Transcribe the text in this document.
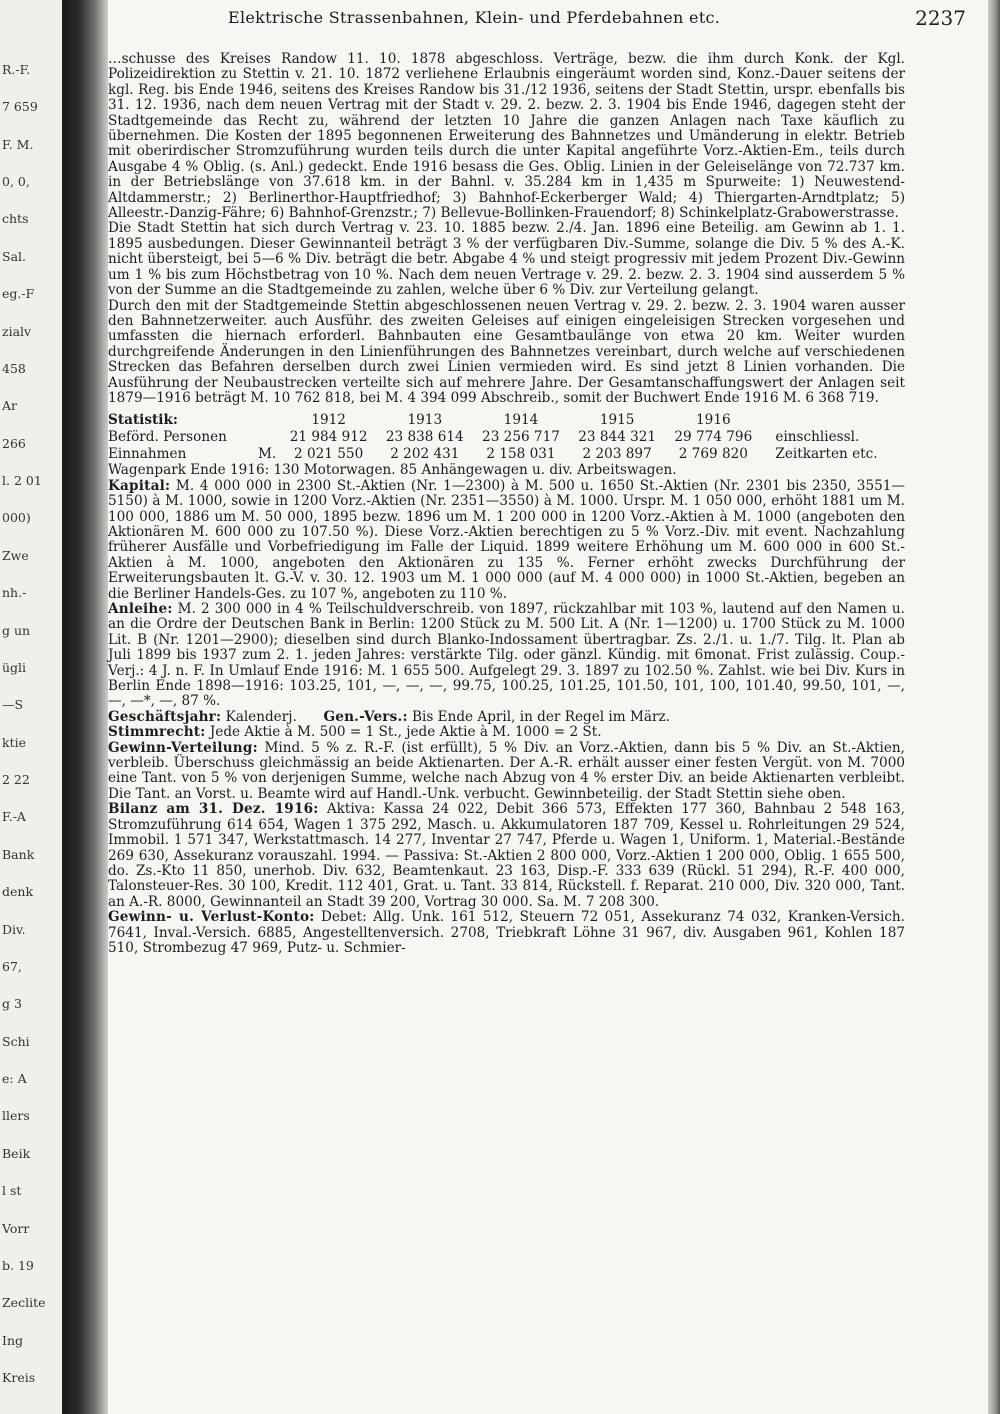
R.-F.
7 659
F. M.
0, 0,
chts
Sal.
eg.-F
zialv
458
Ar
266
l. 2 01
000)
Zwe
nh.-
g un
ügli
—S
ktie
2 22
F.-A
Bank
denk
Div.
67,
g 3
Schi
e: A
llers
Beik
l st
Vorr
b. 19
Zeclite
Ing
Kreis
Elektrische Strassenbahnen, Klein- und Pferdebahnen etc.	2237

…schusse des Kreises Randow 11. 10. 1878 abgeschloss. Verträge, bezw. die ihm durch Konk. der Kgl. Polizeidirektion zu Stettin v. 21. 10. 1872 verliehene Erlaubnis eingeräumt worden sind, Konz.-Dauer seitens der kgl. Reg. bis Ende 1946, seitens des Kreises Randow bis 31./12 1936, seitens der Stadt Stettin, urspr. ebenfalls bis 31. 12. 1936, nach dem neuen Vertrag mit der Stadt v. 29. 2. bezw. 2. 3. 1904 bis Ende 1946, dagegen steht der Stadtgemeinde das Recht zu, während der letzten 10 Jahre die ganzen Anlagen nach Taxe käuflich zu übernehmen. Die Kosten der 1895 begonnenen Erweiterung des Bahnnetzes und Umänderung in elektr. Betrieb mit oberirdischer Stromzuführung wurden teils durch die unter Kapital angeführte Vorz.-Aktien-Em., teils durch Ausgabe 4 % Oblig. (s. Anl.) gedeckt. Ende 1916 besass die Ges. Oblig. Linien in der Geleiselänge von 72.737 km. in der Betriebslänge von 37.618 km. in der Bahnl. v. 35.284 km in 1,435 m Spurweite: 1) Neuwestend-Altdammerstr.; 2) Berlinerthor-Hauptfriedhof; 3) Bahnhof-Eckerberger Wald; 4) Thiergarten-Arndtplatz; 5) Alleestr.-Danzig-Fähre; 6) Bahnhof-Grenzstr.; 7) Bellevue-Bollinken-Frauendorf; 8) Schinkelplatz-Grabowerstrasse.

Die Stadt Stettin hat sich durch Vertrag v. 23. 10. 1885 bezw. 2./4. Jan. 1896 eine Beteilig. am Gewinn ab 1. 1. 1895 ausbedungen. Dieser Gewinnanteil beträgt 3 % der verfügbaren Div.-Summe, solange die Div. 5 % des A.-K. nicht übersteigt, bei 5—6 % Div. beträgt die betr. Abgabe 4 % und steigt progressiv mit jedem Prozent Div.-Gewinn um 1 % bis zum Höchstbetrag von 10 %. Nach dem neuen Vertrage v. 29. 2. bezw. 2. 3. 1904 sind ausserdem 5 % von der Summe an die Stadtgemeinde zu zahlen, welche über 6 % Div. zur Verteilung gelangt.

Durch den mit der Stadtgemeinde Stettin abgeschlossenen neuen Vertrag v. 29. 2. bezw. 2. 3. 1904 waren ausser den Bahnnetzerweiter. auch Ausführ. des zweiten Geleises auf einigen eingeleisigen Strecken vorgesehen und umfassten die hiernach erforderl. Bahnbauten eine Gesamtbaulänge von etwa 20 km. Weiter wurden durchgreifende Änderungen in den Linienführungen des Bahnnetzes vereinbart, durch welche auf verschiedenen Strecken das Befahren derselben durch zwei Linien vermieden wird. Es sind jetzt 8 Linien vorhanden. Die Ausführung der Neubaustrecken verteilte sich auf mehrere Jahre. Der Gesamtanschaffungswert der Anlagen seit 1879—1916 beträgt M. 10 762 818, bei M. 4 394 099 Abschreib., somit der Buchwert Ende 1916 M. 6 368 719.

Statistik:		1912	1913	1914	1915	1916	
Beförd. Personen		21 984 912	23 838 614	23 256 717	23 844 321	29 774 796	einschliessl.
Einnahmen	M.	2 021 550	2 202 431	2 158 031	2 203 897	2 769 820	Zeitkarten etc.

Wagenpark Ende 1916: 130 Motorwagen. 85 Anhängewagen u. div. Arbeitswagen.

Kapital: M. 4 000 000 in 2300 St.-Aktien (Nr. 1—2300) à M. 500 u. 1650 St.-Aktien (Nr. 2301 bis 2350, 3551—5150) à M. 1000, sowie in 1200 Vorz.-Aktien (Nr. 2351—3550) à M. 1000. Urspr. M. 1 050 000, erhöht 1881 um M. 100 000, 1886 um M. 50 000, 1895 bezw. 1896 um M. 1 200 000 in 1200 Vorz.-Aktien à M. 1000 (angeboten den Aktionären M. 600 000 zu 107.50 %). Diese Vorz.-Aktien berechtigen zu 5 % Vorz.-Div. mit event. Nachzahlung früherer Ausfälle und Vorbefriedigung im Falle der Liquid. 1899 weitere Erhöhung um M. 600 000 in 600 St.-Aktien à M. 1000, angeboten den Aktionären zu 135 %. Ferner erhöht zwecks Durchführung der Erweiterungsbauten lt. G.-V. v. 30. 12. 1903 um M. 1 000 000 (auf M. 4 000 000) in 1000 St.-Aktien, begeben an die Berliner Handels-Ges. zu 107 %, angeboten zu 110 %.

Anleihe: M. 2 300 000 in 4 % Teilschuldverschreib. von 1897, rückzahlbar mit 103 %, lautend auf den Namen u. an die Ordre der Deutschen Bank in Berlin: 1200 Stück zu M. 500 Lit. A (Nr. 1—1200) u. 1700 Stück zu M. 1000 Lit. B (Nr. 1201—2900); dieselben sind durch Blanko-Indossament übertragbar. Zs. 2./1. u. 1./7. Tilg. lt. Plan ab Juli 1899 bis 1937 zum 2. 1. jeden Jahres: verstärkte Tilg. oder gänzl. Kündig. mit 6monat. Frist zulässig. Coup.-Verj.: 4 J. n. F. In Umlauf Ende 1916: M. 1 655 500. Aufgelegt 29. 3. 1897 zu 102.50 %. Zahlst. wie bei Div. Kurs in Berlin Ende 1898—1916: 103.25, 101, —, —, —, 99.75, 100.25, 101.25, 101.50, 101, 100, 101.40, 99.50, 101, —, —, —*, —, 87 %.

Geschäftsjahr: Kalenderj. Gen.-Vers.: Bis Ende April, in der Regel im März.

Stimmrecht: Jede Aktie à M. 500 = 1 St., jede Aktie à M. 1000 = 2 St.

Gewinn-Verteilung: Mind. 5 % z. R.-F. (ist erfüllt), 5 % Div. an Vorz.-Aktien, dann bis 5 % Div. an St.-Aktien, verbleib. Überschuss gleichmässig an beide Aktienarten. Der A.-R. erhält ausser einer festen Vergüt. von M. 7000 eine Tant. von 5 % von derjenigen Summe, welche nach Abzug von 4 % erster Div. an beide Aktienarten verbleibt. Die Tant. an Vorst. u. Beamte wird auf Handl.-Unk. verbucht. Gewinnbeteilig. der Stadt Stettin siehe oben.

Bilanz am 31. Dez. 1916: Aktiva: Kassa 24 022, Debit 366 573, Effekten 177 360, Bahnbau 2 548 163, Stromzuführung 614 654, Wagen 1 375 292, Masch. u. Akkumulatoren 187 709, Kessel u. Rohrleitungen 29 524, Immobil. 1 571 347, Werkstattmasch. 14 277, Inventar 27 747, Pferde u. Wagen 1, Uniform. 1, Material.-Bestände 269 630, Assekuranz vorauszahl. 1994. — Passiva: St.-Aktien 2 800 000, Vorz.-Aktien 1 200 000, Oblig. 1 655 500, do. Zs.-Kto 11 850, unerhob. Div. 632, Beamtenkaut. 23 163, Disp.-F. 333 639 (Rückl. 51 294), R.-F. 400 000, Talonsteuer-Res. 30 100, Kredit. 112 401, Grat. u. Tant. 33 814, Rückstell. f. Reparat. 210 000, Div. 320 000, Tant. an A.-R. 8000, Gewinnanteil an Stadt 39 200, Vortrag 30 000. Sa. M. 7 208 300.

Gewinn- u. Verlust-Konto: Debet: Allg. Unk. 161 512, Steuern 72 051, Assekuranz 74 032, Kranken-Versich. 7641, Inval.-Versich. 6885, Angestelltenversich. 2708, Triebkraft Löhne 31 967, div. Ausgaben 961, Kohlen 187 510, Strombezug 47 969, Putz- u. Schmier-
